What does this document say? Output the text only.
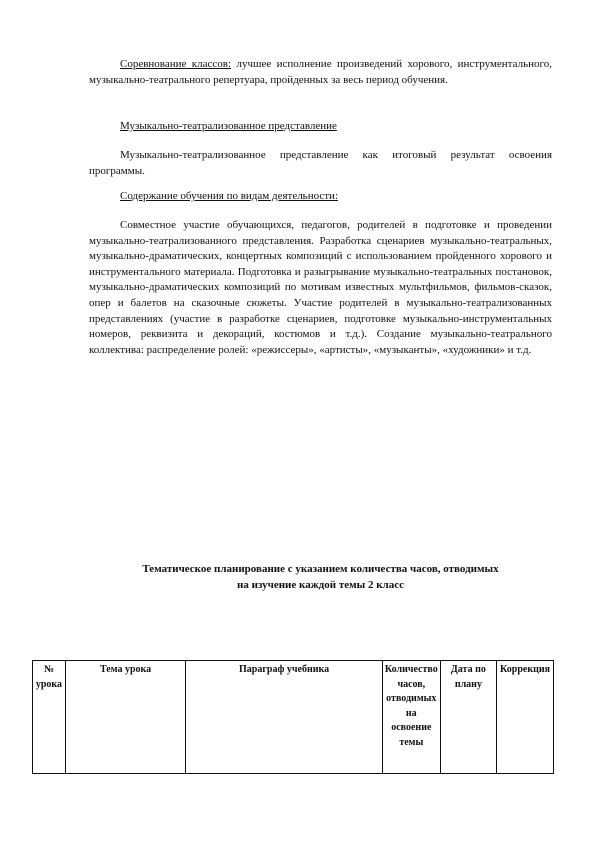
Соревнование классов: лучшее исполнение произведений хорового, инструментального, музыкально-театрального репертуара, пройденных за весь период обучения.
Музыкально-театрализованное представление
Музыкально-театрализованное представление как итоговый результат освоения программы.
Содержание обучения по видам деятельности:
Совместное участие обучающихся, педагогов, родителей в подготовке и проведении музыкально-театрализованного представления. Разработка сценариев музыкально-театральных, музыкально-драматических, концертных композиций с использованием пройденного хорового и инструментального материала. Подготовка и разыгрывание музыкально-театральных постановок, музыкально-драматических композиций по мотивам известных мультфильмов, фильмов-сказок, опер и балетов на сказочные сюжеты. Участие родителей в музыкально-театрализованных представлениях (участие в разработке сценариев, подготовке музыкально-инструментальных номеров, реквизита и декораций, костюмов и т.д.). Создание музыкально-театрального коллектива: распределение ролей: «режиссеры», «артисты», «музыканты», «художники» и т.д.
Тематическое планирование с указанием количества часов, отводимых
на изучение каждой темы 2 класс
№ урока	Тема урока	Параграф учебника	Количество часов, отводимых на освоение темы	Дата по плану	Коррекция
